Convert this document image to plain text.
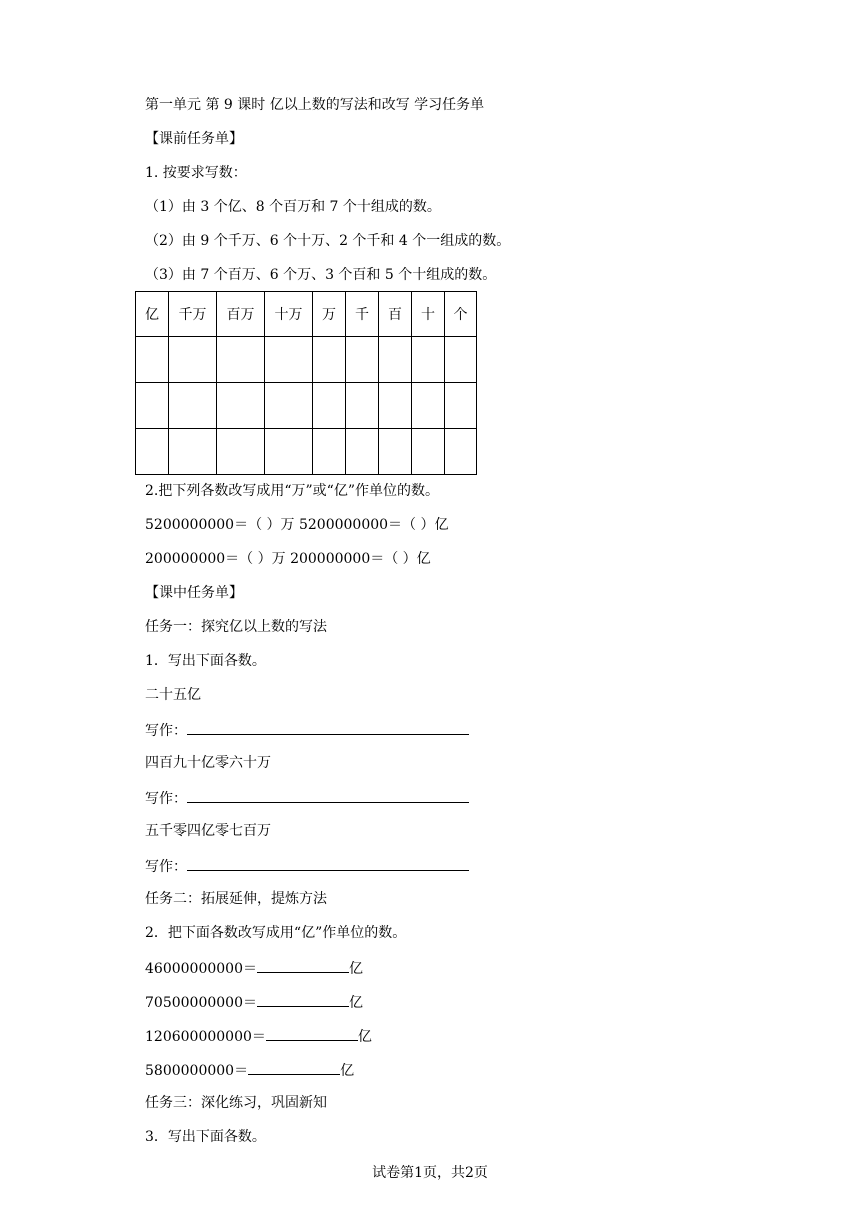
第一单元 第 9 课时 亿以上数的写法和改写 学习任务单
【课前任务单】
1. 按要求写数：
（1）由 3 个亿、8 个百万和 7 个十组成的数。
（2）由 9 个千万、6 个十万、2 个千和 4 个一组成的数。
（3）由 7 个百万、6 个万、3 个百和 5 个十组成的数。
亿	千万	百万	十万	万	千	百	十	个

2.把下列各数改写成用“万”或“亿”作单位的数。
5200000000＝（ ）万 5200000000＝（ ）亿
200000000＝（ ）万 200000000＝（ ）亿
【课中任务单】
任务一：探究亿以上数的写法
1．写出下面各数。
二十五亿
写作：
四百九十亿零六十万
写作：
五千零四亿零七百万
写作：
任务二：拓展延伸，提炼方法
2．把下面各数改写成用“亿”作单位的数。
46000000000＝	亿
70500000000＝	亿
120600000000＝	亿
5800000000＝	亿
任务三：深化练习，巩固新知
3．写出下面各数。
试卷第1页，共2页
